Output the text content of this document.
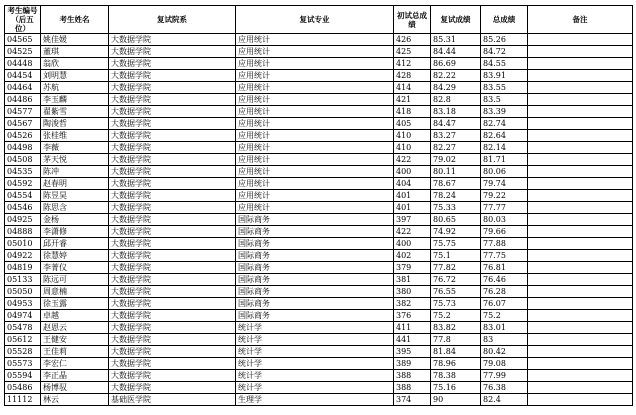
考生编号（后五位）	考生姓名	复试院系	复试专业	初试总成绩	复试成绩	总成绩	备注
04565	姚佳媛	大数据学院	应用统计	426	85.31	85.26	
04525	董琪	大数据学院	应用统计	425	84.44	84.72	
04448	翁欣	大数据学院	应用统计	412	86.69	84.55	
04454	刘明慧	大数据学院	应用统计	428	82.22	83.91	
04464	苏航	大数据学院	应用统计	414	84.29	83.55	
04486	李玉麟	大数据学院	应用统计	421	82.8	83.5	
04577	翟紫雪	大数据学院	应用统计	418	83.18	83.39	
04567	陶浚哲	大数据学院	应用统计	405	84.47	82.74	
04526	张桂维	大数据学院	应用统计	410	83.27	82.64	
04498	李薇	大数据学院	应用统计	410	82.27	82.14	
04508	茅天悦	大数据学院	应用统计	422	79.02	81.71	
04535	陈冲	大数据学院	应用统计	400	80.11	80.06	
04592	赵春明	大数据学院	应用统计	404	78.67	79.74	
04554	陈昱昊	大数据学院	应用统计	401	78.24	79.22	
04546	陈思含	大数据学院	应用统计	401	75.33	77.77	
04925	金杨	大数据学院	国际商务	397	80.65	80.03	
04888	李潇修	大数据学院	国际商务	422	74.92	79.66	
05010	邱开睿	大数据学院	国际商务	400	75.75	77.88	
04922	徐慧婷	大数据学院	国际商务	402	75.1	77.75	
04819	李菁仪	大数据学院	国际商务	379	77.82	76.81	
05133	陈远可	大数据学院	国际商务	381	76.72	76.46	
05050	周意楠	大数据学院	国际商务	380	76.55	76.28	
04953	徐玉露	大数据学院	国际商务	382	75.73	76.07	
04974	卓越	大数据学院	国际商务	376	75.2	75.2	
05478	赵恩云	大数据学院	统计学	411	83.82	83.01	
05612	王健安	大数据学院	统计学	441	77.8	83	
05528	王佳莉	大数据学院	统计学	395	81.84	80.42	
05573	李宏仁	大数据学院	统计学	389	78.96	79.08	
05594	李正晶	大数据学院	统计学	388	78.38	77.99	
05486	杨博驭	大数据学院	统计学	388	75.16	76.38	
11112	林云	基础医学院	生理学	374	90	82.4	
